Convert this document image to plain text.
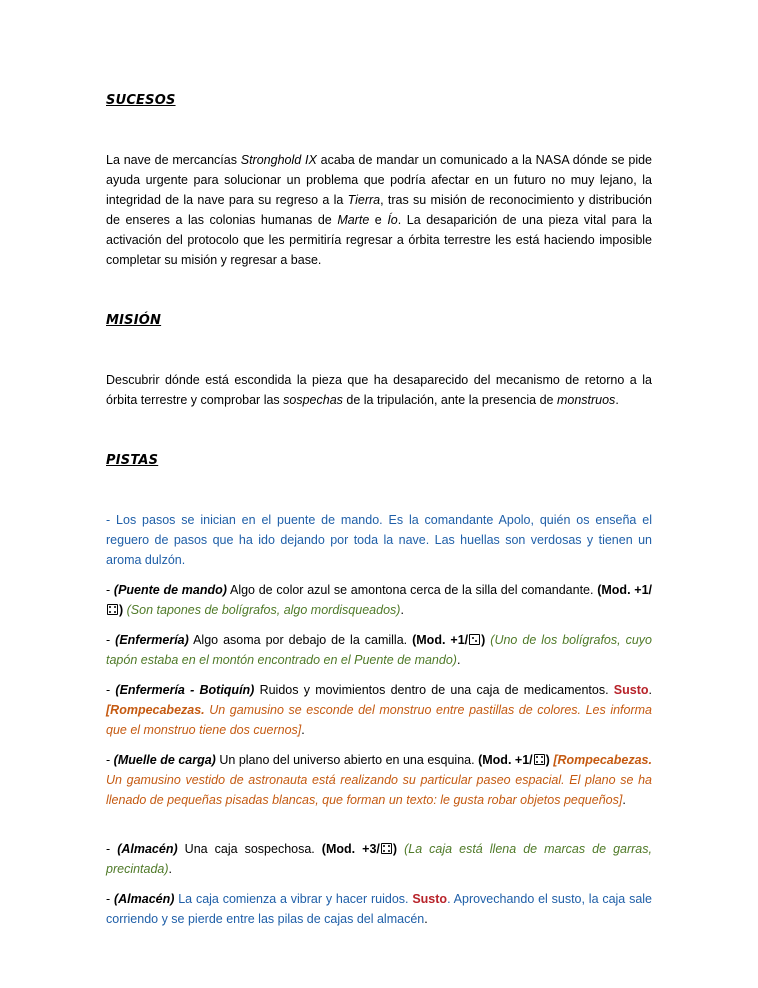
SUCESOS

La nave de mercancías Stronghold IX acaba de mandar un comunicado a la NASA dónde se pide ayuda urgente para solucionar un problema que podría afectar en un futuro no muy lejano, la integridad de la nave para su regreso a la Tierra, tras su misión de reconocimiento y distribución de enseres a las colonias humanas de Marte e Ío. La desaparición de una pieza vital para la activación del protocolo que les permitiría regresar a órbita terrestre les está haciendo imposible completar su misión y regresar a base.

MISIÓN

Descubrir dónde está escondida la pieza que ha desaparecido del mecanismo de retorno a la órbita terrestre y comprobar las sospechas de la tripulación, ante la presencia de monstruos.

PISTAS

- Los pasos se inician en el puente de mando. Es la comandante Apolo, quién os enseña el reguero de pasos que ha ido dejando por toda la nave. Las huellas son verdosas y tienen un aroma dulzón.

- (Puente de mando) Algo de color azul se amontona cerca de la silla del comandante. (Mod. +1/
) (Son tapones de bolígrafos, algo mordisqueados).

- (Enfermería) Algo asoma por debajo de la camilla. (Mod. +1/ ) (Uno de los bolígrafos, cuyo tapón estaba en el montón encontrado en el Puente de mando).

- (Enfermería - Botiquín) Ruidos y movimientos dentro de una caja de medicamentos. Susto. [Rompecabezas. Un gamusino se esconde del monstruo entre pastillas de colores. Les informa que el monstruo tiene dos cuernos].

- (Muelle de carga) Un plano del universo abierto en una esquina. (Mod. +1/ ) [Rompecabezas. Un gamusino vestido de astronauta está realizando su particular paseo espacial. El plano se ha llenado de pequeñas pisadas blancas, que forman un texto: le gusta robar objetos pequeños].

- (Almacén) Una caja sospechosa. (Mod. +3/ ) (La caja está llena de marcas de garras, precintada).

- (Almacén) La caja comienza a vibrar y hacer ruidos. Susto. Aprovechando el susto, la caja sale corriendo y se pierde entre las pilas de cajas del almacén.
